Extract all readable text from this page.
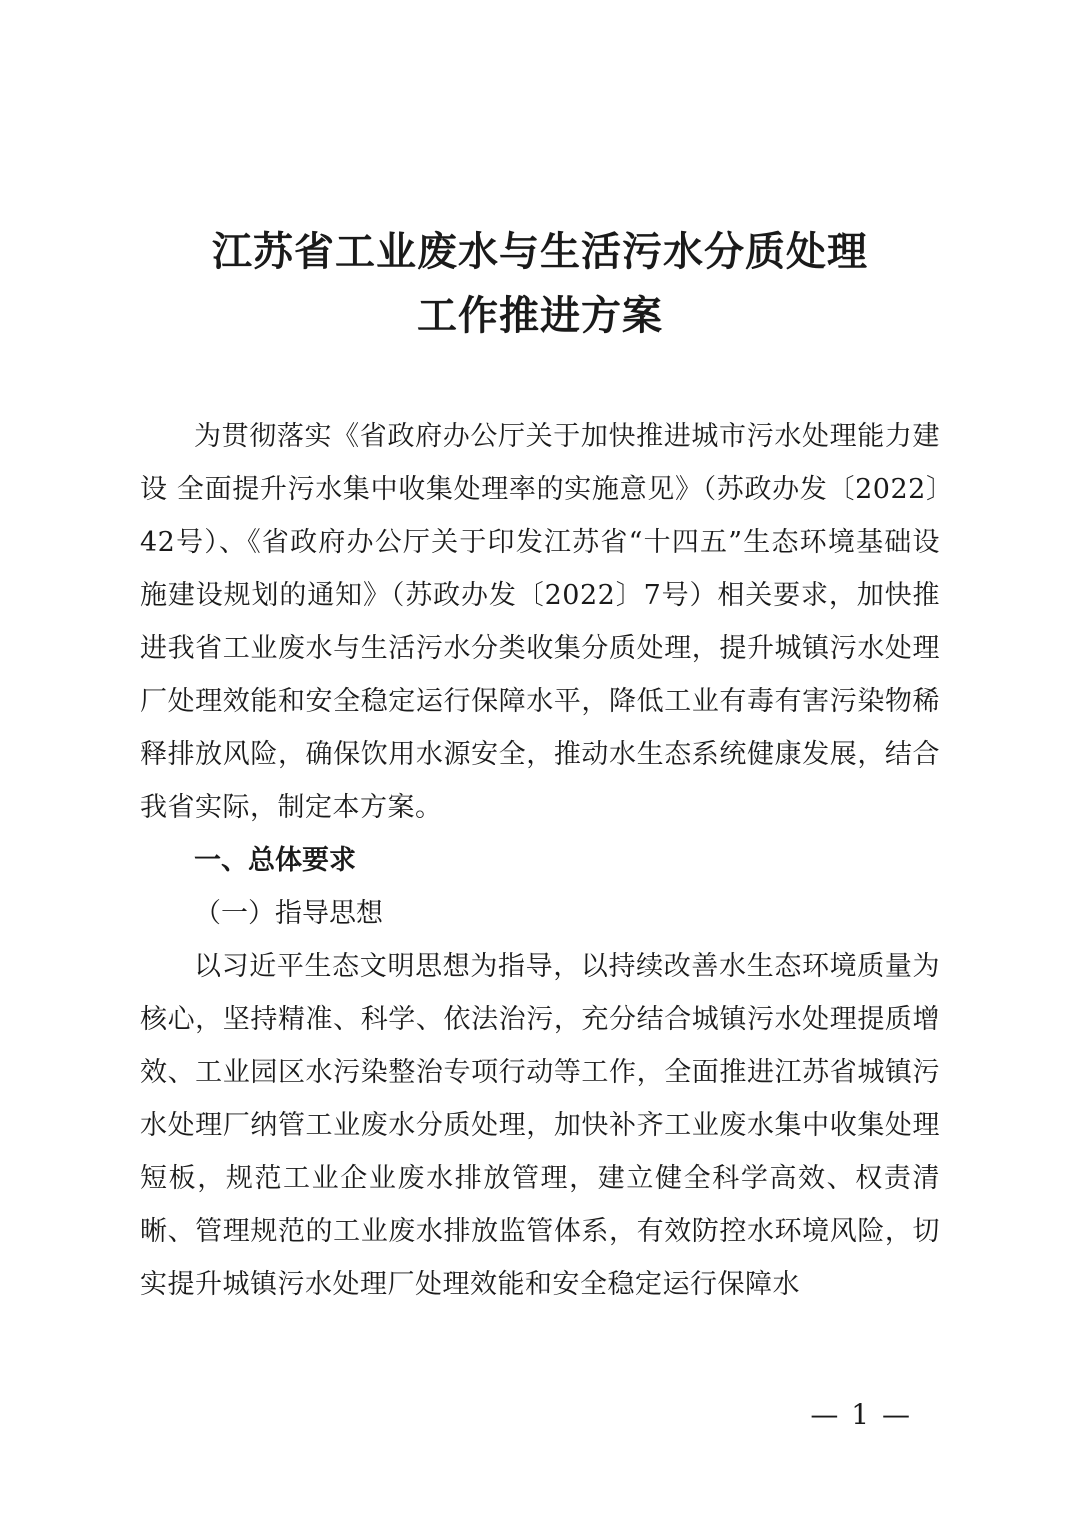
江苏省工业废水与生活污水分质处理
工作推进方案

为贯彻落实《省政府办公厅关于加快推进城市污水处理能力建设 全面提升污水集中收集处理率的实施意见》（苏政办发〔2022〕42号）、《省政府办公厅关于印发江苏省“十四五”生态环境基础设施建设规划的通知》（苏政办发〔2022〕7号）相关要求，加快推进我省工业废水与生活污水分类收集分质处理，提升城镇污水处理厂处理效能和安全稳定运行保障水平，降低工业有毒有害污染物稀释排放风险，确保饮用水源安全，推动水生态系统健康发展，结合我省实际，制定本方案。

一、总体要求

（一）指导思想

以习近平生态文明思想为指导，以持续改善水生态环境质量为核心，坚持精准、科学、依法治污，充分结合城镇污水处理提质增效、工业园区水污染整治专项行动等工作，全面推进江苏省城镇污水处理厂纳管工业废水分质处理，加快补齐工业废水集中收集处理短板，规范工业企业废水排放管理，建立健全科学高效、权责清晰、管理规范的工业废水排放监管体系，有效防控水环境风险，切实提升城镇污水处理厂处理效能和安全稳定运行保障水

— 1 —
